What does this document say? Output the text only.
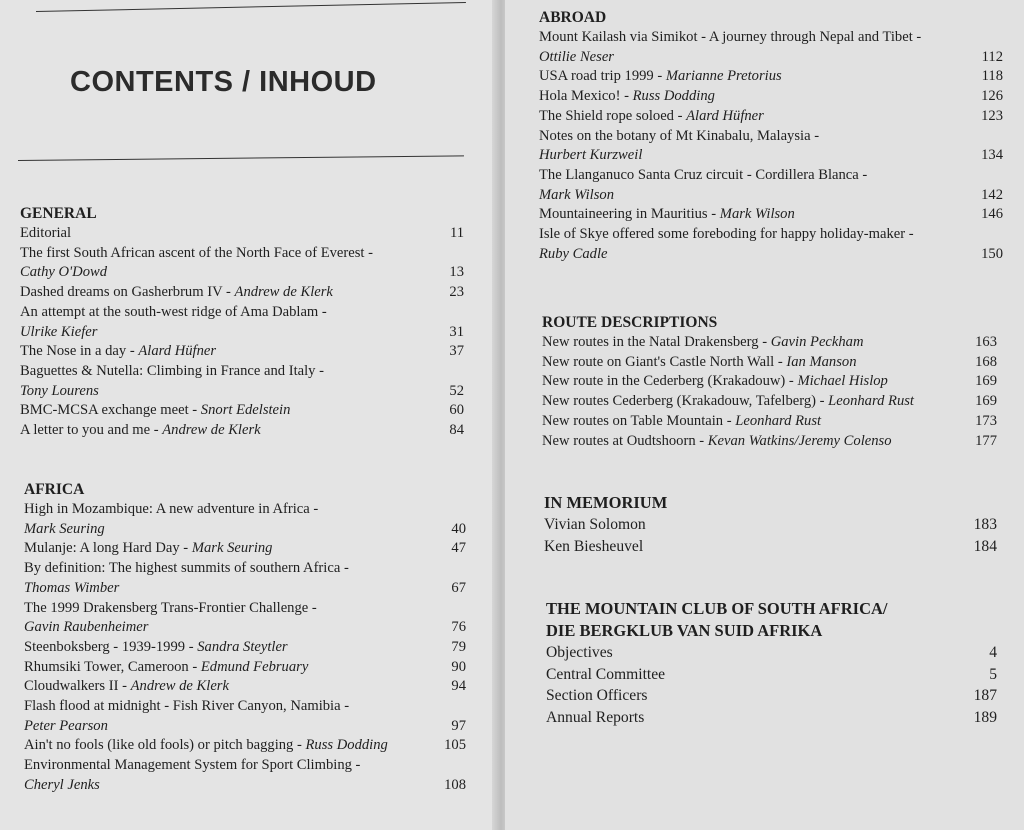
CONTENTS / INHOUD
GENERAL
Editorial	11
The first South African ascent of the North Face of Everest -
Cathy O'Dowd	13
Dashed dreams on Gasherbrum IV - Andrew de Klerk	23
An attempt at the south-west ridge of Ama Dablam -
Ulrike Kiefer	31
The Nose in a day - Alard Hüfner	37
Baguettes & Nutella: Climbing in France and Italy -
Tony Lourens	52
BMC-MCSA exchange meet - Snort Edelstein	60
A letter to you and me - Andrew de Klerk	84
AFRICA
High in Mozambique: A new adventure in Africa -
Mark Seuring	40
Mulanje: A long Hard Day - Mark Seuring	47
By definition: The highest summits of southern Africa -
Thomas Wimber	67
The 1999 Drakensberg Trans-Frontier Challenge -
Gavin Raubenheimer	76
Steenboksberg - 1939-1999 - Sandra Steytler	79
Rhumsiki Tower, Cameroon - Edmund February	90
Cloudwalkers II - Andrew de Klerk	94
Flash flood at midnight - Fish River Canyon, Namibia -
Peter Pearson	97
Ain't no fools (like old fools) or pitch bagging - Russ Dodding	105
Environmental Management System for Sport Climbing -
Cheryl Jenks	108
ABROAD
Mount Kailash via Simikot - A journey through Nepal and Tibet -
Ottilie Neser	112
USA road trip 1999 - Marianne Pretorius	118
Hola Mexico! - Russ Dodding	126
The Shield rope soloed - Alard Hüfner	123
Notes on the botany of Mt Kinabalu, Malaysia -
Hurbert Kurzweil	134
The Llanganuco Santa Cruz circuit - Cordillera Blanca -
Mark Wilson	142
Mountaineering in Mauritius - Mark Wilson	146
Isle of Skye offered some foreboding for happy holiday-maker -
Ruby Cadle	150
ROUTE DESCRIPTIONS
New routes in the Natal Drakensberg - Gavin Peckham	163
New route on Giant's Castle North Wall - Ian Manson	168
New route in the Cederberg (Krakadouw) - Michael Hislop	169
New routes Cederberg (Krakadouw, Tafelberg) - Leonhard Rust	169
New routes on Table Mountain - Leonhard Rust	173
New routes at Oudtshoorn - Kevan Watkins/Jeremy Colenso	177
IN MEMORIUM
Vivian Solomon	183
Ken Biesheuvel	184
THE MOUNTAIN CLUB OF SOUTH AFRICA/
DIE BERGKLUB VAN SUID AFRIKA
Objectives	4
Central Committee	5
Section Officers	187
Annual Reports	189
